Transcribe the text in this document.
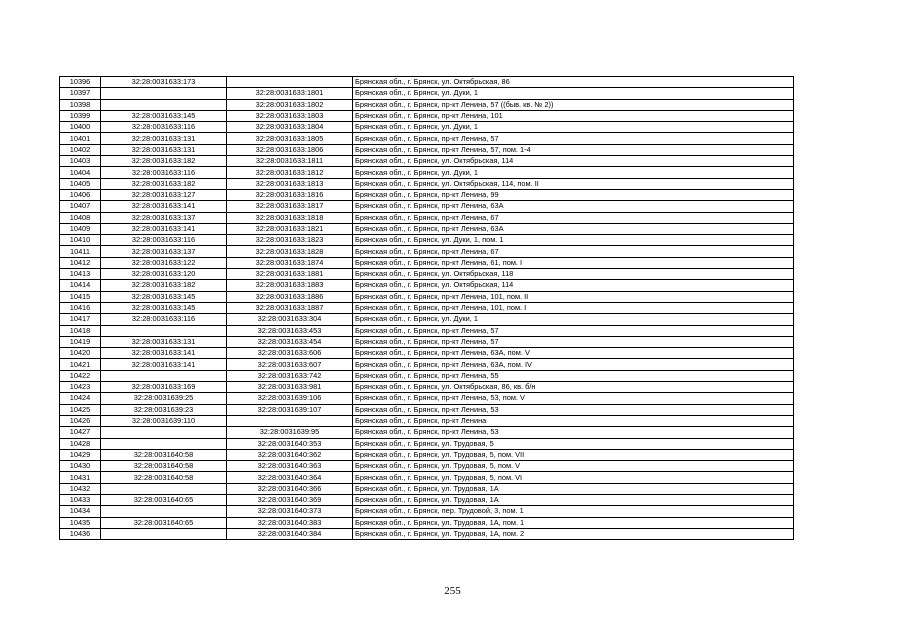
10396	32:28:0031633:173		Брянская обл., г. Брянск, ул. Октябрьская, 86
10397		32:28:0031633:1801	Брянская обл., г. Брянск, ул. Дуки, 1
10398		32:28:0031633:1802	Брянская обл., г. Брянск, пр-кт Ленина, 57 ((быв. кв. № 2))
10399	32:28:0031633:145	32:28:0031633:1803	Брянская обл., г. Брянск, пр-кт Ленина, 101
10400	32:28:0031633:116	32:28:0031633:1804	Брянская обл., г. Брянск, ул. Дуки, 1
10401	32:28:0031633:131	32:28:0031633:1805	Брянская обл., г. Брянск, пр-кт Ленина, 57
10402	32:28:0031633:131	32:28:0031633:1806	Брянская обл., г. Брянск, пр-кт Ленина, 57, пом. 1-4
10403	32:28:0031633:182	32:28:0031633:1811	Брянская обл., г. Брянск, ул. Октябрьская, 114
10404	32:28:0031633:116	32:28:0031633:1812	Брянская обл., г. Брянск, ул. Дуки, 1
10405	32:28:0031633:182	32:28:0031633:1813	Брянская обл., г. Брянск, ул. Октябрьская, 114, пом. II
10406	32:28:0031633:127	32:28:0031633:1816	Брянская обл., г. Брянск, пр-кт Ленина, 99
10407	32:28:0031633:141	32:28:0031633:1817	Брянская обл., г. Брянск, пр-кт Ленина, 63А
10408	32:28:0031633:137	32:28:0031633:1818	Брянская обл., г. Брянск, пр-кт Ленина, 67
10409	32:28:0031633:141	32:28:0031633:1821	Брянская обл., г. Брянск, пр-кт Ленина, 63А
10410	32:28:0031633:116	32:28:0031633:1823	Брянская обл., г. Брянск, ул. Дуки, 1, пом. 1
10411	32:28:0031633:137	32:28:0031633:1828	Брянская обл., г. Брянск, пр-кт Ленина, 67
10412	32:28:0031633:122	32:28:0031633:1874	Брянская обл., г. Брянск, пр-кт Ленина, 61, пом. I
10413	32:28:0031633:120	32:28:0031633:1881	Брянская обл., г. Брянск, ул. Октябрьская, 118
10414	32:28:0031633:182	32:28:0031633:1883	Брянская обл., г. Брянск, ул. Октябрьская, 114
10415	32:28:0031633:145	32:28:0031633:1886	Брянская обл., г. Брянск, пр-кт Ленина, 101, пом. II
10416	32:28:0031633:145	32:28:0031633:1887	Брянская обл., г. Брянск, пр-кт Ленина, 101, пом. I
10417	32:28:0031633:116	32:28:0031633:304	Брянская обл., г. Брянск, ул. Дуки, 1
10418		32:28:0031633:453	Брянская обл., г. Брянск, пр-кт Ленина, 57
10419	32:28:0031633:131	32:28:0031633:454	Брянская обл., г. Брянск, пр-кт Ленина, 57
10420	32:28:0031633:141	32:28:0031633:606	Брянская обл., г. Брянск, пр-кт Ленина, 63А, пом. V
10421	32:28:0031633:141	32:28:0031633:607	Брянская обл., г. Брянск, пр-кт Ленина, 63А, пом. IV
10422		32:28:0031633:742	Брянская обл., г. Брянск, пр-кт Ленина, 55
10423	32:28:0031633:169	32:28:0031633:981	Брянская обл., г. Брянск, ул. Октябрьская, 86, кв. б/н
10424	32:28:0031639:25	32:28:0031639:106	Брянская обл., г. Брянск, пр-кт Ленина, 53, пом. V
10425	32:28:0031639:23	32:28:0031639:107	Брянская обл., г. Брянск, пр-кт Ленина, 53
10426	32:28:0031639:110		Брянская обл., г. Брянск, пр-кт Ленина
10427		32:28:0031639:95	Брянская обл., г. Брянск, пр-кт Ленина, 53
10428		32:28:0031640:353	Брянская обл., г. Брянск, ул. Трудовая, 5
10429	32:28:0031640:58	32:28:0031640:362	Брянская обл., г. Брянск, ул. Трудовая, 5, пом. VII
10430	32:28:0031640:58	32:28:0031640:363	Брянская обл., г. Брянск, ул. Трудовая, 5, пом. V
10431	32:28:0031640:58	32:28:0031640:364	Брянская обл., г. Брянск, ул. Трудовая, 5, пом. VI
10432		32:28:0031640:366	Брянская обл., г. Брянск, ул. Трудовая, 1А
10433	32:28:0031640:65	32:28:0031640:369	Брянская обл., г. Брянск, ул. Трудовая, 1А
10434		32:28:0031640:373	Брянская обл., г. Брянск, пер. Трудовой, 3, пом. 1
10435	32:28:0031640:65	32:28:0031640:383	Брянская обл., г. Брянск, ул. Трудовая, 1А, пом. 1
10436		32:28:0031640:384	Брянская обл., г. Брянск, ул. Трудовая, 1А, пом. 2
255
